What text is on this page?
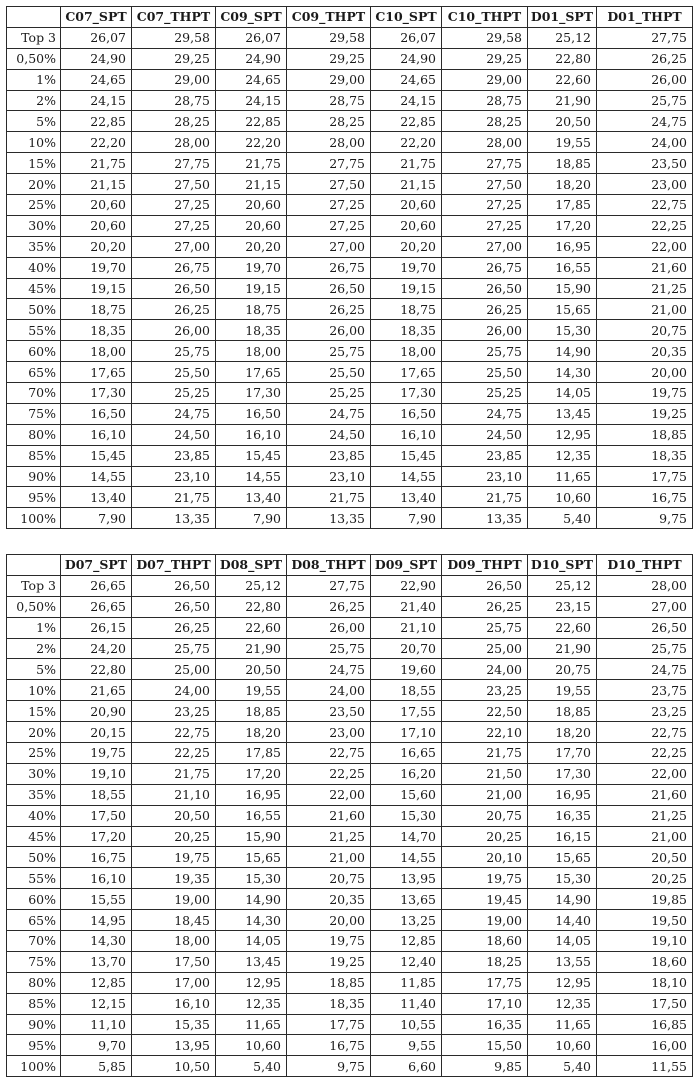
	C07_SPT	C07_THPT	C09_SPT	C09_THPT	C10_SPT	C10_THPT	D01_SPT	D01_THPT
Top 3	26,07	29,58	26,07	29,58	26,07	29,58	25,12	27,75
0,50%	24,90	29,25	24,90	29,25	24,90	29,25	22,80	26,25
1%	24,65	29,00	24,65	29,00	24,65	29,00	22,60	26,00
2%	24,15	28,75	24,15	28,75	24,15	28,75	21,90	25,75
5%	22,85	28,25	22,85	28,25	22,85	28,25	20,50	24,75
10%	22,20	28,00	22,20	28,00	22,20	28,00	19,55	24,00
15%	21,75	27,75	21,75	27,75	21,75	27,75	18,85	23,50
20%	21,15	27,50	21,15	27,50	21,15	27,50	18,20	23,00
25%	20,60	27,25	20,60	27,25	20,60	27,25	17,85	22,75
30%	20,60	27,25	20,60	27,25	20,60	27,25	17,20	22,25
35%	20,20	27,00	20,20	27,00	20,20	27,00	16,95	22,00
40%	19,70	26,75	19,70	26,75	19,70	26,75	16,55	21,60
45%	19,15	26,50	19,15	26,50	19,15	26,50	15,90	21,25
50%	18,75	26,25	18,75	26,25	18,75	26,25	15,65	21,00
55%	18,35	26,00	18,35	26,00	18,35	26,00	15,30	20,75
60%	18,00	25,75	18,00	25,75	18,00	25,75	14,90	20,35
65%	17,65	25,50	17,65	25,50	17,65	25,50	14,30	20,00
70%	17,30	25,25	17,30	25,25	17,30	25,25	14,05	19,75
75%	16,50	24,75	16,50	24,75	16,50	24,75	13,45	19,25
80%	16,10	24,50	16,10	24,50	16,10	24,50	12,95	18,85
85%	15,45	23,85	15,45	23,85	15,45	23,85	12,35	18,35
90%	14,55	23,10	14,55	23,10	14,55	23,10	11,65	17,75
95%	13,40	21,75	13,40	21,75	13,40	21,75	10,60	16,75
100%	7,90	13,35	7,90	13,35	7,90	13,35	5,40	9,75
	D07_SPT	D07_THPT	D08_SPT	D08_THPT	D09_SPT	D09_THPT	D10_SPT	D10_THPT
Top 3	26,65	26,50	25,12	27,75	22,90	26,50	25,12	28,00
0,50%	26,65	26,50	22,80	26,25	21,40	26,25	23,15	27,00
1%	26,15	26,25	22,60	26,00	21,10	25,75	22,60	26,50
2%	24,20	25,75	21,90	25,75	20,70	25,00	21,90	25,75
5%	22,80	25,00	20,50	24,75	19,60	24,00	20,75	24,75
10%	21,65	24,00	19,55	24,00	18,55	23,25	19,55	23,75
15%	20,90	23,25	18,85	23,50	17,55	22,50	18,85	23,25
20%	20,15	22,75	18,20	23,00	17,10	22,10	18,20	22,75
25%	19,75	22,25	17,85	22,75	16,65	21,75	17,70	22,25
30%	19,10	21,75	17,20	22,25	16,20	21,50	17,30	22,00
35%	18,55	21,10	16,95	22,00	15,60	21,00	16,95	21,60
40%	17,50	20,50	16,55	21,60	15,30	20,75	16,35	21,25
45%	17,20	20,25	15,90	21,25	14,70	20,25	16,15	21,00
50%	16,75	19,75	15,65	21,00	14,55	20,10	15,65	20,50
55%	16,10	19,35	15,30	20,75	13,95	19,75	15,30	20,25
60%	15,55	19,00	14,90	20,35	13,65	19,45	14,90	19,85
65%	14,95	18,45	14,30	20,00	13,25	19,00	14,40	19,50
70%	14,30	18,00	14,05	19,75	12,85	18,60	14,05	19,10
75%	13,70	17,50	13,45	19,25	12,40	18,25	13,55	18,60
80%	12,85	17,00	12,95	18,85	11,85	17,75	12,95	18,10
85%	12,15	16,10	12,35	18,35	11,40	17,10	12,35	17,50
90%	11,10	15,35	11,65	17,75	10,55	16,35	11,65	16,85
95%	9,70	13,95	10,60	16,75	9,55	15,50	10,60	16,00
100%	5,85	10,50	5,40	9,75	6,60	9,85	5,40	11,55
